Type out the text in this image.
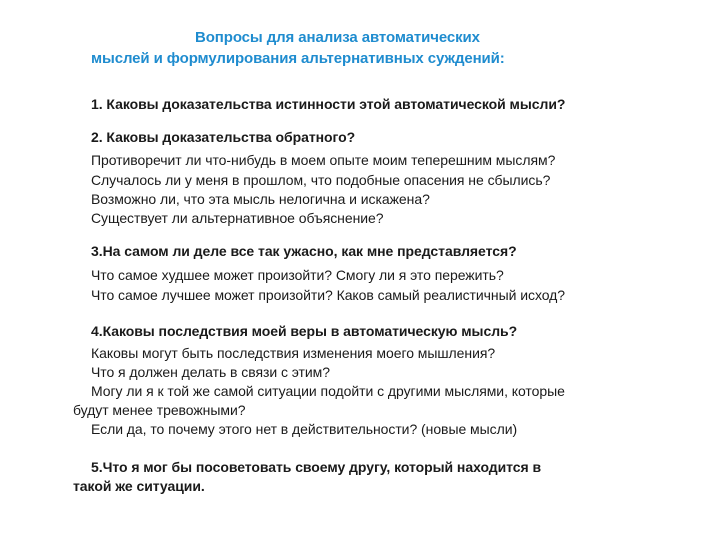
Вопросы для анализа автоматических
мыслей и формулирования альтернативных суждений:
1. Каковы доказательства истинности этой автоматической мысли?
2. Каковы доказательства обратного?
Противоречит ли что-нибудь в моем опыте моим теперешним мыслям?
Случалось ли у меня в прошлом, что подобные опасения не сбылись?
Возможно ли, что эта мысль нелогична и искажена?
Существует ли альтернативное объяснение?
3.На самом ли деле все так ужасно, как мне представляется?
Что самое худшее может произойти? Смогу ли я это пережить?
Что самое лучшее может произойти? Каков самый реалистичный исход?
4.Каковы последствия моей веры в автоматическую мысль?
Каковы могут быть последствия изменения моего мышления?
Что я должен делать в связи с этим?
Могу ли я к той же самой ситуации подойти с другими мыслями, которые
будут менее тревожными?
Если да, то почему этого нет в действительности? (новые мысли)
5.Что я мог бы посоветовать своему другу, который находится в
такой же ситуации.
